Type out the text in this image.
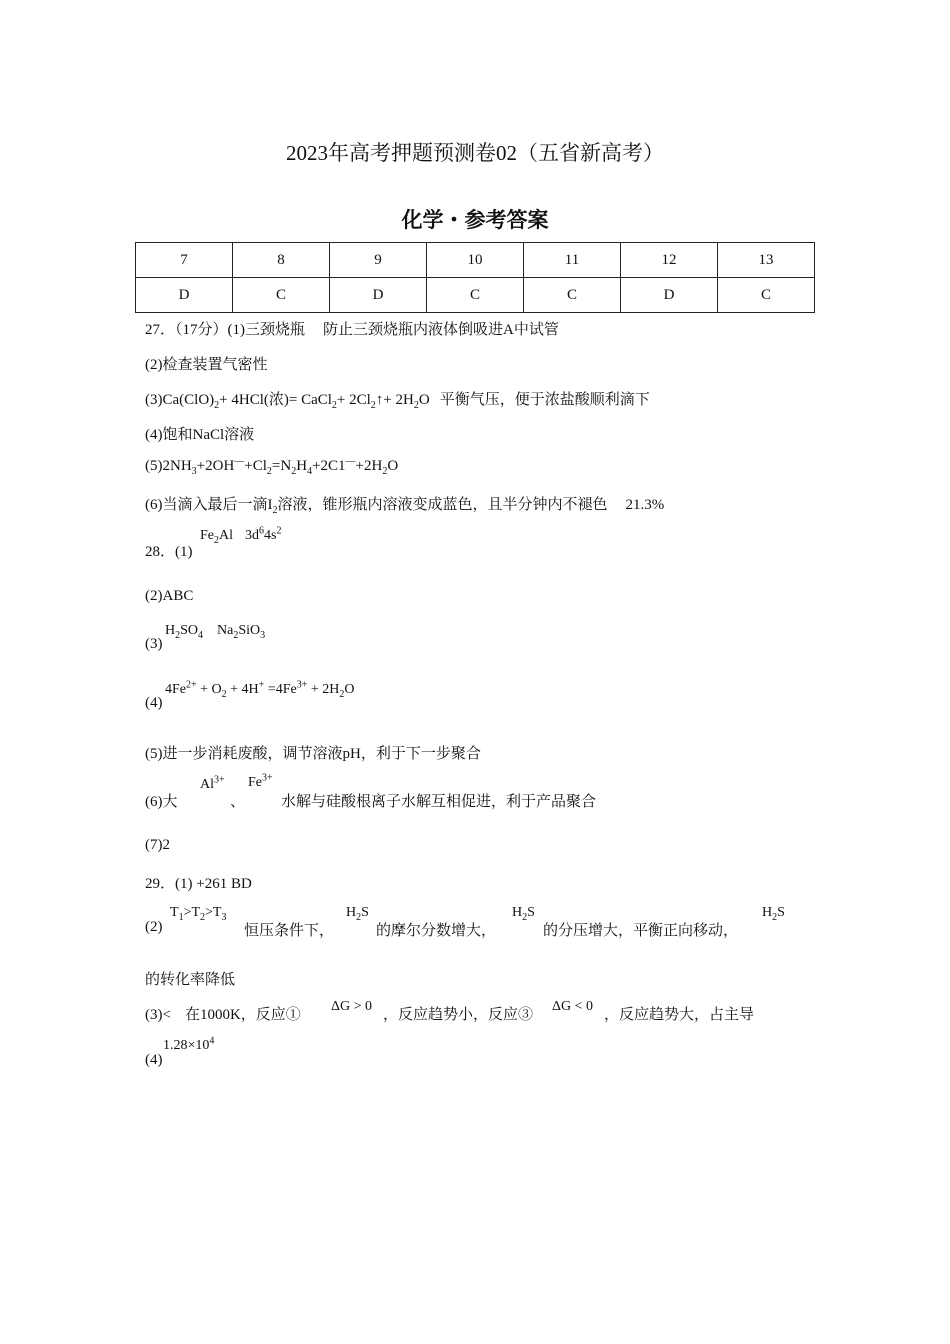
2023年高考押题预测卷02（五省新高考）
化学・参考答案
7	8	9	10	11	12	13
D	C	D	C	C	D	C
27．（17分）(1)三颈烧瓶 防止三颈烧瓶内液体倒吸进A中试管
(2)检查装置气密性
$(3)Ca(ClO)_2+ 4HCl$(浓)= CaCl$_2$+ $2Cl_2↑+ 2H_2O$ 平衡气压，便于浓盐酸顺利滴下
(4)饱和NaCl溶液
$(5)2NH_3+2OH^—+Cl_2=N_2H_4+2C1^—+2H_2O$
(6)当滴入最后一滴$I_2$溶液，锥形瓶内溶液变成蓝色，且半分钟内不褪色 21.3%
28．(1)
$Fe_2Al$ $3d^64s^2$
(2)ABC
(3)
$H_2SO_4$ $Na_2SiO_3$
(4)
$4Fe^{2+} + O_2 + 4H^+ =4Fe^{3+} + 2H_2O$
(5)进一步消耗废酸，调节溶液pH，利于下一步聚合
(6)大
$Al^{3+}$
、
$Fe^{3+}$
水解与硅酸根离子水解互相促进，利于产品聚合
(7)2
29．(1) +261 BD
(2)
$T_1>T_2>T_3$
恒压条件下，
$H_2S$
的摩尔分数增大，
$H_2S$
的分压增大，平衡正向移动，
$H_2S$
的转化率降低
(3)< 在1000K，反应①
ΔG > 0
，反应趋势小，反应③
ΔG < 0
，反应趋势大，占主导
(4)
$1.28\times 10^4$
